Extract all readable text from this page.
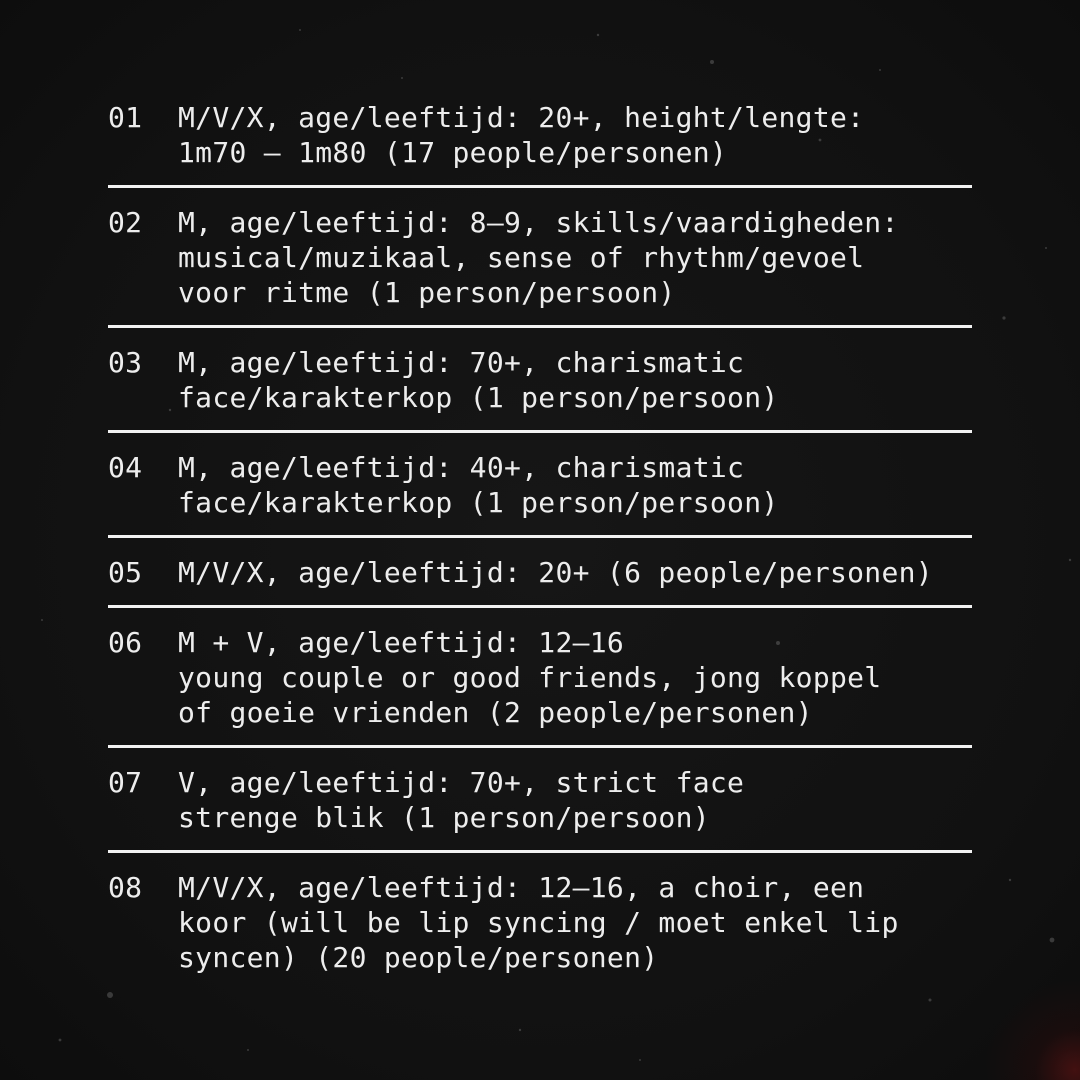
01	M/V/X, age/leeftijd: 20+, height/lengte:
1m70 – 1m80 (17 people/personen)
02	M, age/leeftijd: 8–9, skills/vaardigheden:
musical/muzikaal, sense of rhythm/gevoel
voor ritme (1 person/persoon)
03	M, age/leeftijd: 70+, charismatic
face/karakterkop (1 person/persoon)
04	M, age/leeftijd: 40+, charismatic
face/karakterkop (1 person/persoon)
05	M/V/X, age/leeftijd: 20+ (6 people/personen)
06	M + V, age/leeftijd: 12–16
young couple or good friends, jong koppel
of goeie vrienden (2 people/personen)
07	V, age/leeftijd: 70+, strict face
strenge blik (1 person/persoon)
08	M/V/X, age/leeftijd: 12–16, a choir, een
koor (will be lip syncing / moet enkel lip
syncen) (20 people/personen)
